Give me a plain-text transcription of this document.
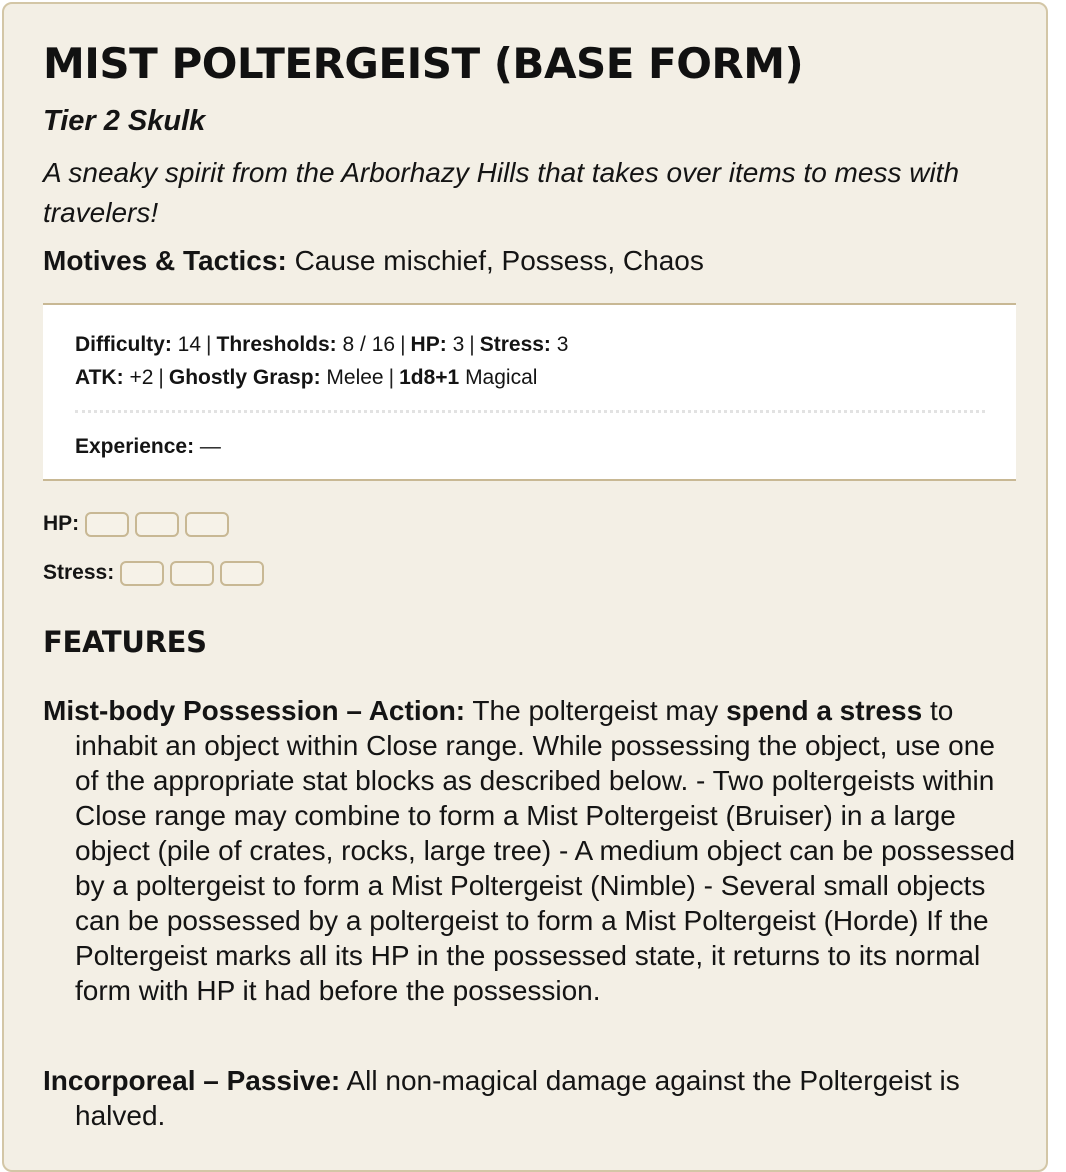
MIST POLTERGEIST (BASE FORM)
Tier 2 Skulk
A sneaky spirit from the Arborhazy Hills that takes over items to mess with travelers!
Motives & Tactics: Cause mischief, Possess, Chaos
Difficulty: 14 | Thresholds: 8 / 16 | HP: 3 | Stress: 3
ATK: +2 | Ghostly Grasp: Melee | 1d8+1 Magical
Experience: —
HP:
Stress:
FEATURES
Mist-body Possession – Action: The poltergeist may spend a stress to inhabit an object within Close range. While possessing the object, use one of the appropriate stat blocks as described below. - Two poltergeists within Close range may combine to form a Mist Poltergeist (Bruiser) in a large object (pile of crates, rocks, large tree) - A medium object can be possessed by a poltergeist to form a Mist Poltergeist (Nimble) - Several small objects can be possessed by a poltergeist to form a Mist Poltergeist (Horde) If the Poltergeist marks all its HP in the possessed state, it returns to its normal form with HP it had before the possession.
Incorporeal – Passive: All non-magical damage against the Poltergeist is halved.
